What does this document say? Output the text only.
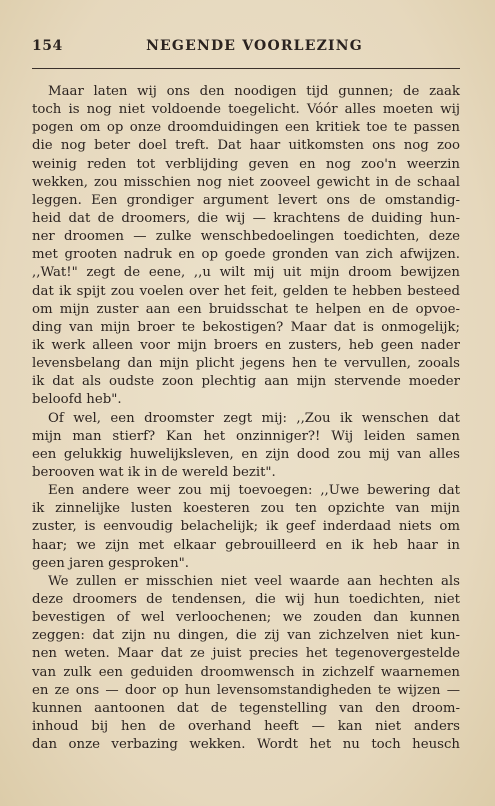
154	NEGENDE VOORLEZING
Maar laten wij ons den noodigen tijd gunnen; de zaak
toch is nog niet voldoende toegelicht. Vóór alles moeten wij
pogen om op onze droomduidingen een kritiek toe te passen
die nog beter doel treft. Dat haar uitkomsten ons nog zoo
weinig reden tot verblijding geven en nog zoo'n weerzin
wekken, zou misschien nog niet zooveel gewicht in de schaal
leggen. Een grondiger argument levert ons de omstandig-
heid dat de droomers, die wij — krachtens de duiding hun-
ner droomen — zulke wenschbedoelingen toedichten, deze
met grooten nadruk en op goede gronden van zich afwijzen.
,,Wat!" zegt de eene, ,,u wilt mij uit mijn droom bewijzen
dat ik spijt zou voelen over het feit, gelden te hebben besteed
om mijn zuster aan een bruidsschat te helpen en de opvoe-
ding van mijn broer te bekostigen? Maar dat is onmogelijk;
ik werk alleen voor mijn broers en zusters, heb geen nader
levensbelang dan mijn plicht jegens hen te vervullen, zooals
ik dat als oudste zoon plechtig aan mijn stervende moeder
beloofd heb".
Of wel, een droomster zegt mij: ,,Zou ik wenschen dat
mijn man stierf? Kan het onzinniger?! Wij leiden samen
een gelukkig huwelijksleven, en zijn dood zou mij van alles
berooven wat ik in de wereld bezit".
Een andere weer zou mij toevoegen: ,,Uwe bewering dat
ik zinnelijke lusten koesteren zou ten opzichte van mijn
zuster, is eenvoudig belachelijk; ik geef inderdaad niets om
haar; we zijn met elkaar gebrouilleerd en ik heb haar in
geen jaren gesproken".
We zullen er misschien niet veel waarde aan hechten als
deze droomers de tendensen, die wij hun toedichten, niet
bevestigen of wel verloochenen; we zouden dan kunnen
zeggen: dat zijn nu dingen, die zij van zichzelven niet kun-
nen weten. Maar dat ze juist precies het tegenovergestelde
van zulk een geduiden droomwensch in zichzelf waarnemen
en ze ons — door op hun levensomstandigheden te wijzen —
kunnen aantoonen dat de tegenstelling van den droom-
inhoud bij hen de overhand heeft — kan niet anders
dan onze verbazing wekken. Wordt het nu toch heusch
